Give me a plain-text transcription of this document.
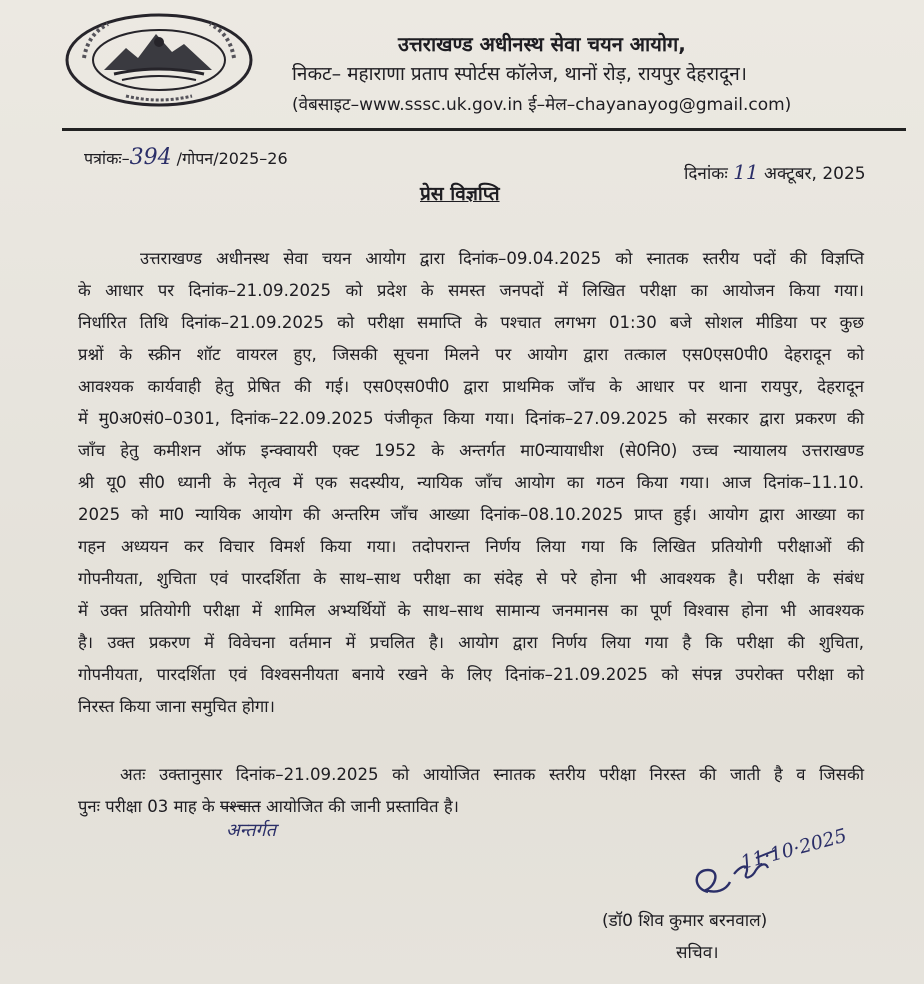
उत्तराखण्ड अधीनस्थ सेवा चयन आयोग,
निकट– महाराणा प्रताप स्पोर्टस कॉलेज, थानों रोड़, रायपुर देहरादून।
(वेबसाइट–www.sssc.uk.gov.in ई–मेल–chayanayog@gmail.com)
पत्रांकः–394 /गोपन/2025–26
दिनांकः 11 अक्टूबर, 2025
प्रेस विज्ञप्ति
उत्तराखण्ड अधीनस्थ सेवा चयन आयोग द्वारा दिनांक–09.04.2025 को स्नातक स्तरीय पदों की विज्ञप्ति
के आधार पर दिनांक–21.09.2025 को प्रदेश के समस्त जनपदों में लिखित परीक्षा का आयोजन किया गया।
निर्धारित तिथि दिनांक–21.09.2025 को परीक्षा समाप्ति के पश्चात लगभग 01:30 बजे सोशल मीडिया पर कुछ
प्रश्नों के स्क्रीन शॉट वायरल हुए, जिसकी सूचना मिलने पर आयोग द्वारा तत्काल एस0एस0पी0 देहरादून को
आवश्यक कार्यवाही हेतु प्रेषित की गई। एस0एस0पी0 द्वारा प्राथमिक जाँच के आधार पर थाना रायपुर, देहरादून
में मु0अ0सं0–0301, दिनांक–22.09.2025 पंजीकृत किया गया। दिनांक–27.09.2025 को सरकार द्वारा प्रकरण की
जाँच हेतु कमीशन ऑफ इन्क्वायरी एक्ट 1952 के अन्तर्गत मा0न्यायाधीश (से0नि0) उच्च न्यायालय उत्तराखण्ड
श्री यू0 सी0 ध्यानी के नेतृत्व में एक सदस्यीय, न्यायिक जाँच आयोग का गठन किया गया। आज दिनांक–11.10.
2025 को मा0 न्यायिक आयोग की अन्तरिम जाँच आख्या दिनांक–08.10.2025 प्राप्त हुई। आयोग द्वारा आख्या का
गहन अध्ययन कर विचार विमर्श किया गया। तदोपरान्त निर्णय लिया गया कि लिखित प्रतियोगी परीक्षाओं की
गोपनीयता, शुचिता एवं पारदर्शिता के साथ–साथ परीक्षा का संदेह से परे होना भी आवश्यक है। परीक्षा के संबंध
में उक्त प्रतियोगी परीक्षा में शामिल अभ्यर्थियों के साथ–साथ सामान्य जनमानस का पूर्ण विश्वास होना भी आवश्यक
है। उक्त प्रकरण में विवेचना वर्तमान में प्रचलित है। आयोग द्वारा निर्णय लिया गया है कि परीक्षा की शुचिता,
गोपनीयता, पारदर्शिता एवं विश्वसनीयता बनाये रखने के लिए दिनांक–21.09.2025 को संपन्न उपरोक्त परीक्षा को
निरस्त किया जाना समुचित होगा।
अतः उक्तानुसार दिनांक–21.09.2025 को आयोजित स्नातक स्तरीय परीक्षा निरस्त की जाती है व जिसकी
पुनः परीक्षा 03 माह के पश्चात आयोजित की जानी प्रस्तावित है।
अन्तर्गत	11·10·2025
(डॉ0 शिव कुमार बरनवाल)
सचिव।
